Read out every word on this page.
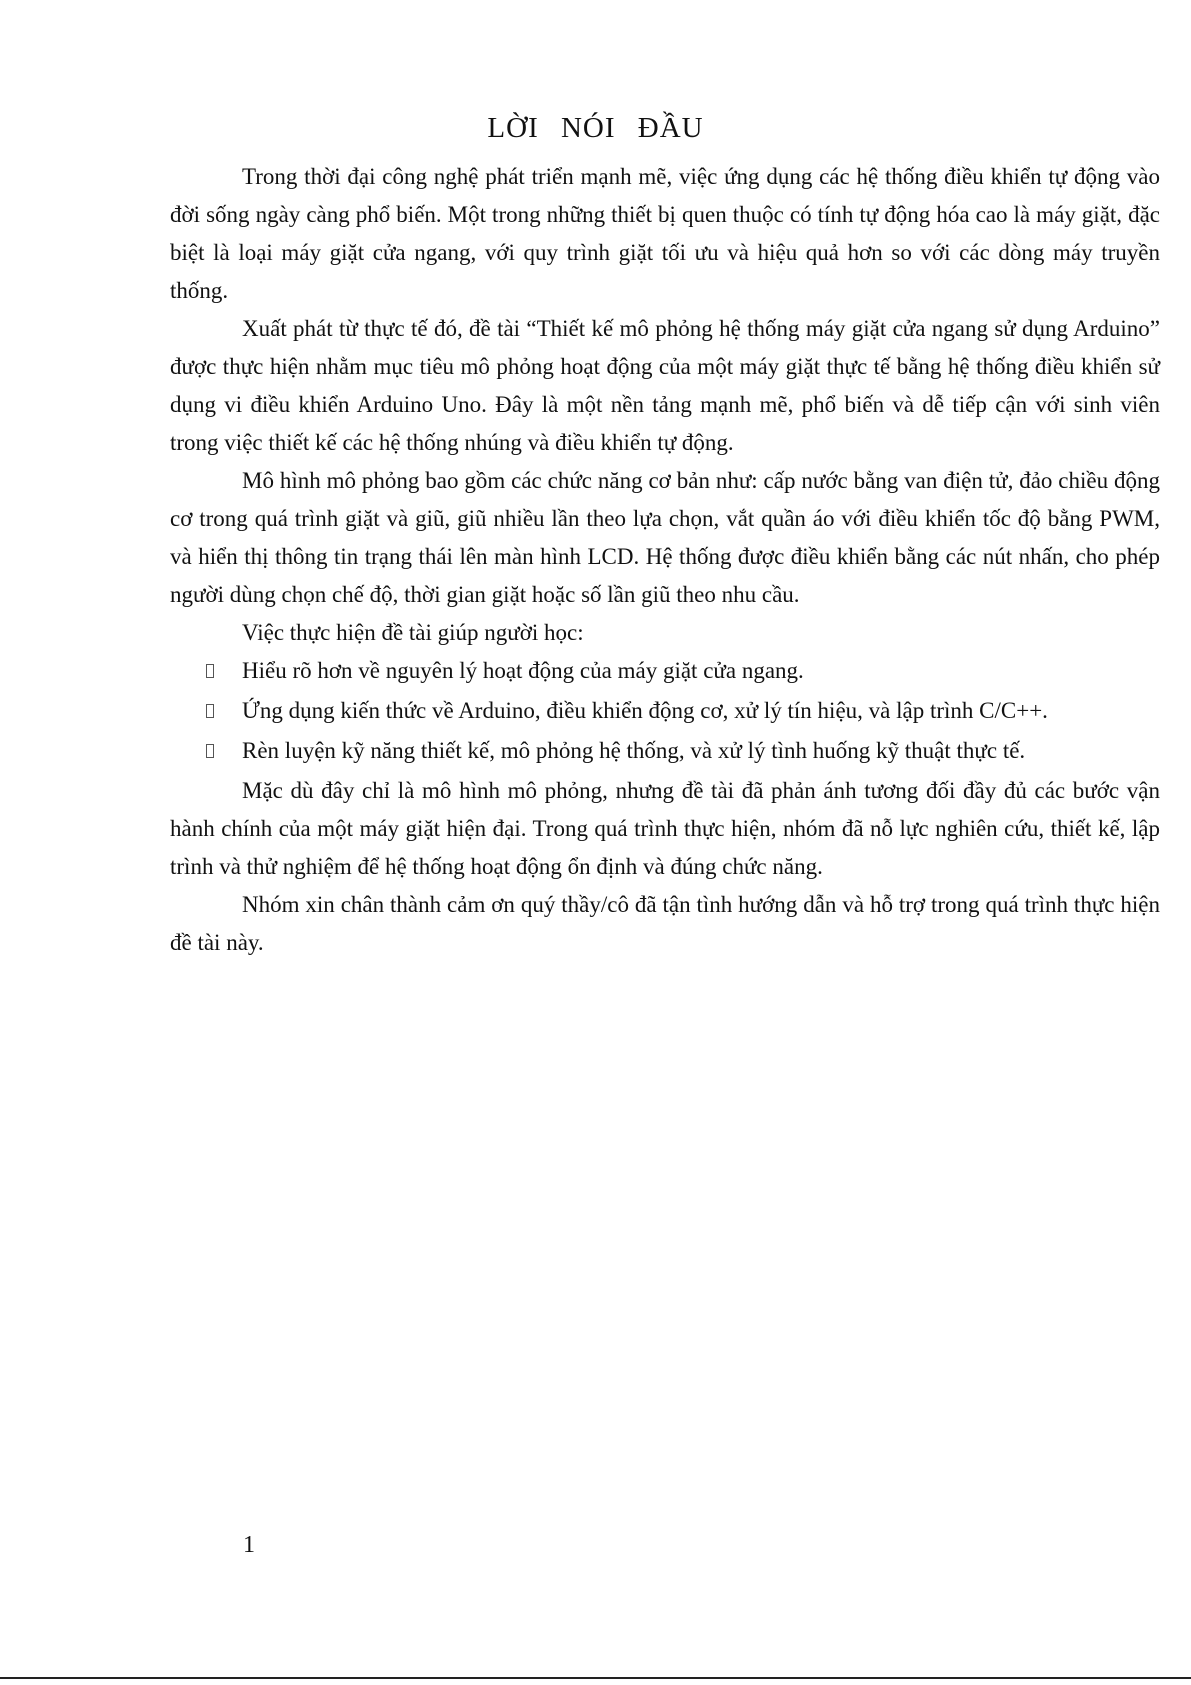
LỜI NÓI ĐẦU

Trong thời đại công nghệ phát triển mạnh mẽ, việc ứng dụng các hệ thống điều khiển tự động vào đời sống ngày càng phổ biến. Một trong những thiết bị quen thuộc có tính tự động hóa cao là máy giặt, đặc biệt là loại máy giặt cửa ngang, với quy trình giặt tối ưu và hiệu quả hơn so với các dòng máy truyền thống.

Xuất phát từ thực tế đó, đề tài “Thiết kế mô phỏng hệ thống máy giặt cửa ngang sử dụng Arduino” được thực hiện nhằm mục tiêu mô phỏng hoạt động của một máy giặt thực tế bằng hệ thống điều khiển sử dụng vi điều khiển Arduino Uno. Đây là một nền tảng mạnh mẽ, phổ biến và dễ tiếp cận với sinh viên trong việc thiết kế các hệ thống nhúng và điều khiển tự động.

Mô hình mô phỏng bao gồm các chức năng cơ bản như: cấp nước bằng van điện tử, đảo chiều động cơ trong quá trình giặt và giũ, giũ nhiều lần theo lựa chọn, vắt quần áo với điều khiển tốc độ bằng PWM, và hiển thị thông tin trạng thái lên màn hình LCD. Hệ thống được điều khiển bằng các nút nhấn, cho phép người dùng chọn chế độ, thời gian giặt hoặc số lần giũ theo nhu cầu.

Việc thực hiện đề tài giúp người học:

Hiểu rõ hơn về nguyên lý hoạt động của máy giặt cửa ngang.
Ứng dụng kiến thức về Arduino, điều khiển động cơ, xử lý tín hiệu, và lập trình C/C++.
Rèn luyện kỹ năng thiết kế, mô phỏng hệ thống, và xử lý tình huống kỹ thuật thực tế.

Mặc dù đây chỉ là mô hình mô phỏng, nhưng đề tài đã phản ánh tương đối đầy đủ các bước vận hành chính của một máy giặt hiện đại. Trong quá trình thực hiện, nhóm đã nỗ lực nghiên cứu, thiết kế, lập trình và thử nghiệm để hệ thống hoạt động ổn định và đúng chức năng.

Nhóm xin chân thành cảm ơn quý thầy/cô đã tận tình hướng dẫn và hỗ trợ trong quá trình thực hiện đề tài này.

1
